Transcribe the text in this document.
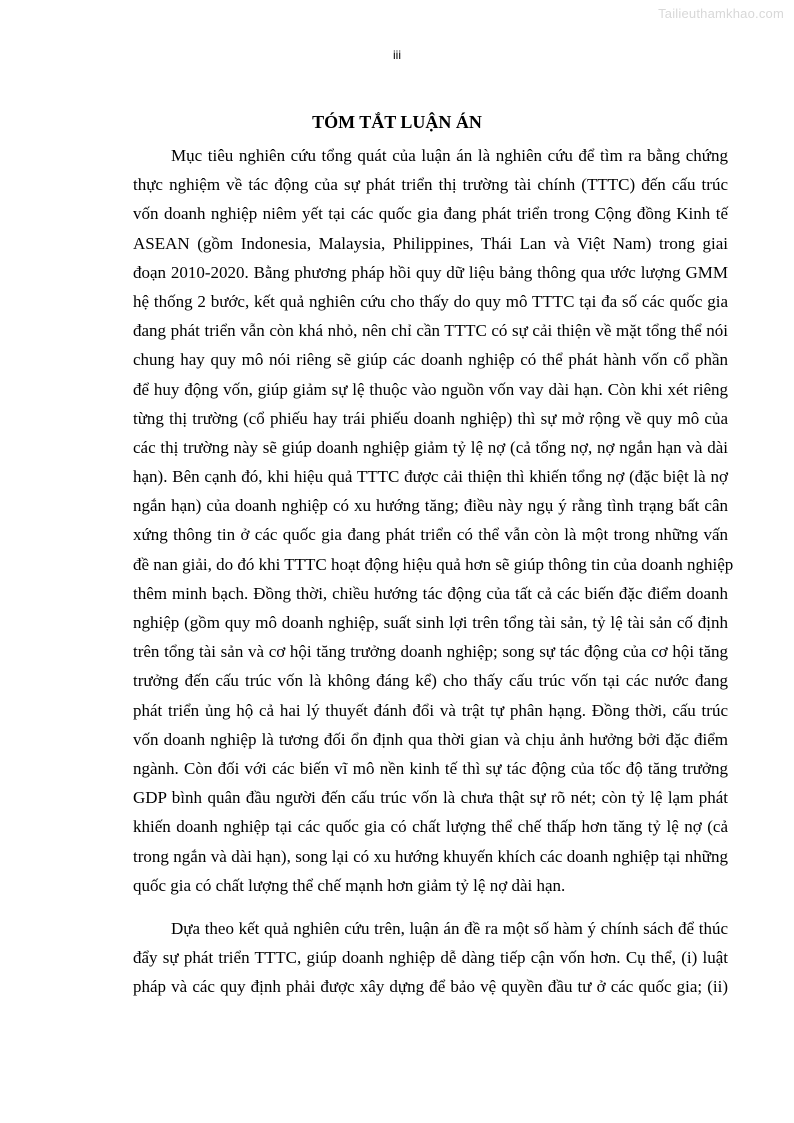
Tailieuthamkhao.com
iii
TÓM TẮT LUẬN ÁN
Mục tiêu nghiên cứu tổng quát của luận án là nghiên cứu để tìm ra bằng chứng
thực nghiệm về tác động của sự phát triển thị trường tài chính (TTTC) đến cấu trúc
vốn doanh nghiệp niêm yết tại các quốc gia đang phát triển trong Cộng đồng Kinh tế
ASEAN (gồm Indonesia, Malaysia, Philippines, Thái Lan và Việt Nam) trong giai
đoạn 2010-2020. Bằng phương pháp hồi quy dữ liệu bảng thông qua ước lượng GMM
hệ thống 2 bước, kết quả nghiên cứu cho thấy do quy mô TTTC tại đa số các quốc gia
đang phát triển vẫn còn khá nhỏ, nên chỉ cần TTTC có sự cải thiện về mặt tổng thể nói
chung hay quy mô nói riêng sẽ giúp các doanh nghiệp có thể phát hành vốn cổ phần
để huy động vốn, giúp giảm sự lệ thuộc vào nguồn vốn vay dài hạn. Còn khi xét riêng
từng thị trường (cổ phiếu hay trái phiếu doanh nghiệp) thì sự mở rộng về quy mô của
các thị trường này sẽ giúp doanh nghiệp giảm tỷ lệ nợ (cả tổng nợ, nợ ngắn hạn và dài
hạn). Bên cạnh đó, khi hiệu quả TTTC được cải thiện thì khiến tổng nợ (đặc biệt là nợ
ngắn hạn) của doanh nghiệp có xu hướng tăng; điều này ngụ ý rằng tình trạng bất cân
xứng thông tin ở các quốc gia đang phát triển có thể vẫn còn là một trong những vấn
đề nan giải, do đó khi TTTC hoạt động hiệu quả hơn sẽ giúp thông tin của doanh nghiệp
thêm minh bạch. Đồng thời, chiều hướng tác động của tất cả các biến đặc điểm doanh
nghiệp (gồm quy mô doanh nghiệp, suất sinh lợi trên tổng tài sản, tỷ lệ tài sản cố định
trên tổng tài sản và cơ hội tăng trưởng doanh nghiệp; song sự tác động của cơ hội tăng
trưởng đến cấu trúc vốn là không đáng kể) cho thấy cấu trúc vốn tại các nước đang
phát triển ủng hộ cả hai lý thuyết đánh đổi và trật tự phân hạng. Đồng thời, cấu trúc
vốn doanh nghiệp là tương đối ổn định qua thời gian và chịu ảnh hưởng bởi đặc điểm
ngành. Còn đối với các biến vĩ mô nền kinh tế thì sự tác động của tốc độ tăng trưởng
GDP bình quân đầu người đến cấu trúc vốn là chưa thật sự rõ nét; còn tỷ lệ lạm phát
khiến doanh nghiệp tại các quốc gia có chất lượng thể chế thấp hơn tăng tỷ lệ nợ (cả
trong ngắn và dài hạn), song lại có xu hướng khuyến khích các doanh nghiệp tại những
quốc gia có chất lượng thể chế mạnh hơn giảm tỷ lệ nợ dài hạn.
Dựa theo kết quả nghiên cứu trên, luận án đề ra một số hàm ý chính sách để thúc
đẩy sự phát triển TTTC, giúp doanh nghiệp dễ dàng tiếp cận vốn hơn. Cụ thể, (i) luật
pháp và các quy định phải được xây dựng để bảo vệ quyền đầu tư ở các quốc gia; (ii)
